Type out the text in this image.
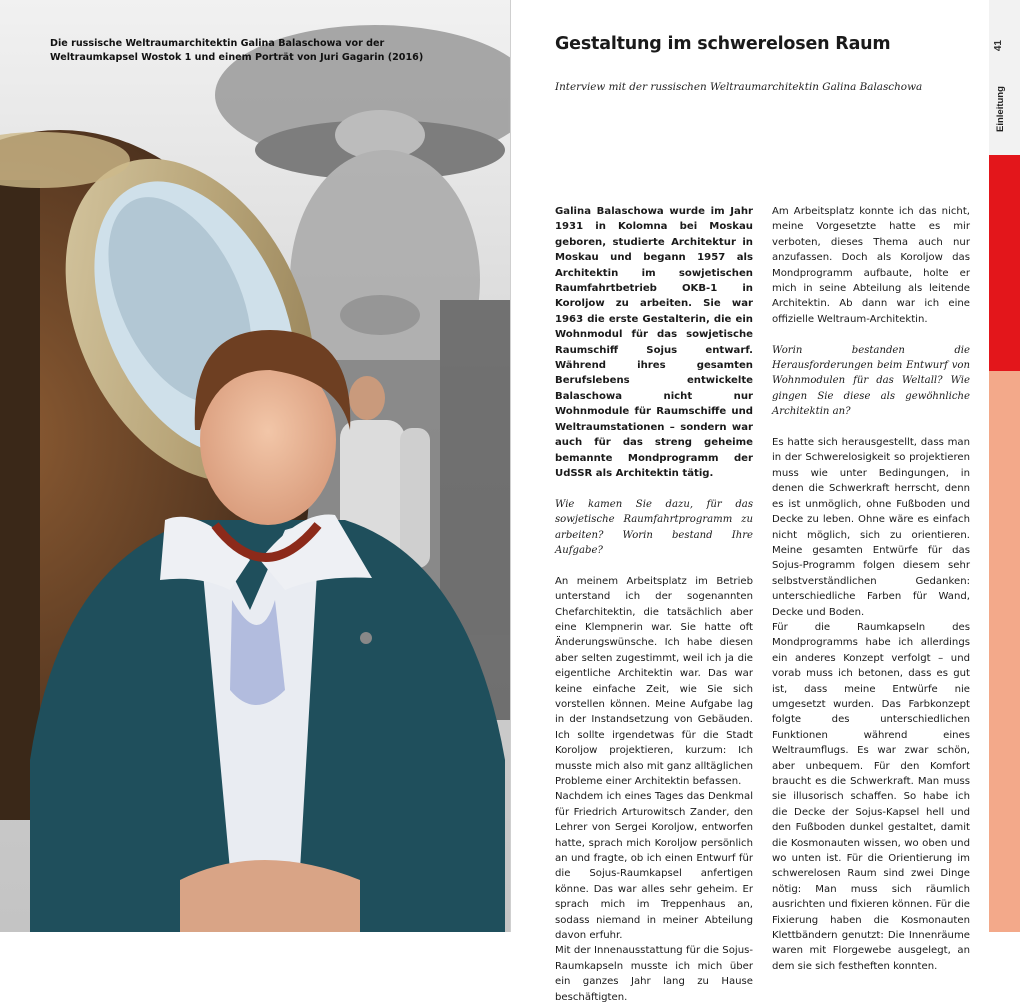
Die russische Weltraumarchitektin Galina Balaschowa vor der
Weltraumkapsel Wostok 1 und einem Porträt von Juri Gagarin (2016)
Gestaltung im schwerelosen Raum
Interview mit der russischen Weltraumarchitektin Galina Balaschowa

Galina Balaschowa wurde im Jahr 1931 in Kolomna bei Moskau geboren, studierte Architektur in Moskau und begann 1957 als Architektin im sowjetischen Raumfahrtbetrieb OKB-1 in Koroljow zu arbeiten. Sie war 1963 die erste Gestalterin, die ein Wohnmodul für das sowjetische Raumschiff Sojus entwarf. Während ihres gesamten Berufslebens entwickelte Balaschowa nicht nur Wohnmodule für Raumschiffe und Weltraumstationen – sondern war auch für das streng geheime bemannte Mondprogramm der UdSSR als Architektin tätig.

Wie kamen Sie dazu, für das sowjetische Raumfahrtprogramm zu arbeiten? Worin bestand Ihre Aufgabe?

An meinem Arbeitsplatz im Betrieb unterstand ich der sogenannten Chefarchitektin, die tatsächlich aber eine Klempnerin war. Sie hatte oft Änderungswünsche. Ich habe diesen aber selten zugestimmt, weil ich ja die eigentliche Architektin war. Das war keine einfache Zeit, wie Sie sich vorstellen können. Meine Aufgabe lag in der Instandsetzung von Gebäuden. Ich sollte irgendetwas für die Stadt Koroljow projektieren, kurzum: Ich musste mich also mit ganz alltäglichen Probleme einer Architektin befassen.

Nachdem ich eines Tages das Denkmal für Friedrich Arturowitsch Zander, den Lehrer von Sergei Koroljow, entworfen hatte, sprach mich Koroljow persönlich an und fragte, ob ich einen Entwurf für die Sojus-Raumkapsel anfertigen könne. Das war alles sehr geheim. Er sprach mich im Treppenhaus an, sodass niemand in meiner Abteilung davon erfuhr.

Mit der Innenausstattung für die Sojus-Raumkapseln musste ich mich über ein ganzes Jahr lang zu Hause beschäftigten.

Am Arbeitsplatz konnte ich das nicht, meine Vorgesetzte hatte es mir verboten, dieses Thema auch nur anzufassen. Doch als Koroljow das Mondprogramm aufbaute, holte er mich in seine Abteilung als leitende Architektin. Ab dann war ich eine offizielle Weltraum-Architektin.

Worin bestanden die Herausforderungen beim Entwurf von Wohnmodulen für das Weltall? Wie gingen Sie diese als gewöhnliche Architektin an?

Es hatte sich herausgestellt, dass man in der Schwerelosigkeit so projektieren muss wie unter Bedingungen, in denen die Schwerkraft herrscht, denn es ist unmöglich, ohne Fußboden und Decke zu leben. Ohne wäre es einfach nicht möglich, sich zu orientieren. Meine gesamten Entwürfe für das Sojus-Programm folgen diesem sehr selbstverständlichen Gedanken: unterschiedliche Farben für Wand, Decke und Boden.

Für die Raumkapseln des Mondprogramms habe ich allerdings ein anderes Konzept verfolgt – und vorab muss ich betonen, dass es gut ist, dass meine Entwürfe nie umgesetzt wurden. Das Farbkonzept folgte des unterschiedlichen Funktionen während eines Weltraumflugs. Es war zwar schön, aber unbequem. Für den Komfort braucht es die Schwerkraft. Man muss sie illusorisch schaffen. So habe ich die Decke der Sojus-Kapsel hell und den Fußboden dunkel gestaltet, damit die Kosmonauten wissen, wo oben und wo unten ist. Für die Orientierung im schwerelosen Raum sind zwei Dinge nötig: Man muss sich räumlich ausrichten und fixieren können. Für die Fixierung haben die Kosmonauten Klettbändern genutzt: Die Innenräume waren mit Florgewebe ausgelegt, an dem sie sich festheften konnten.

41
Einleitung
